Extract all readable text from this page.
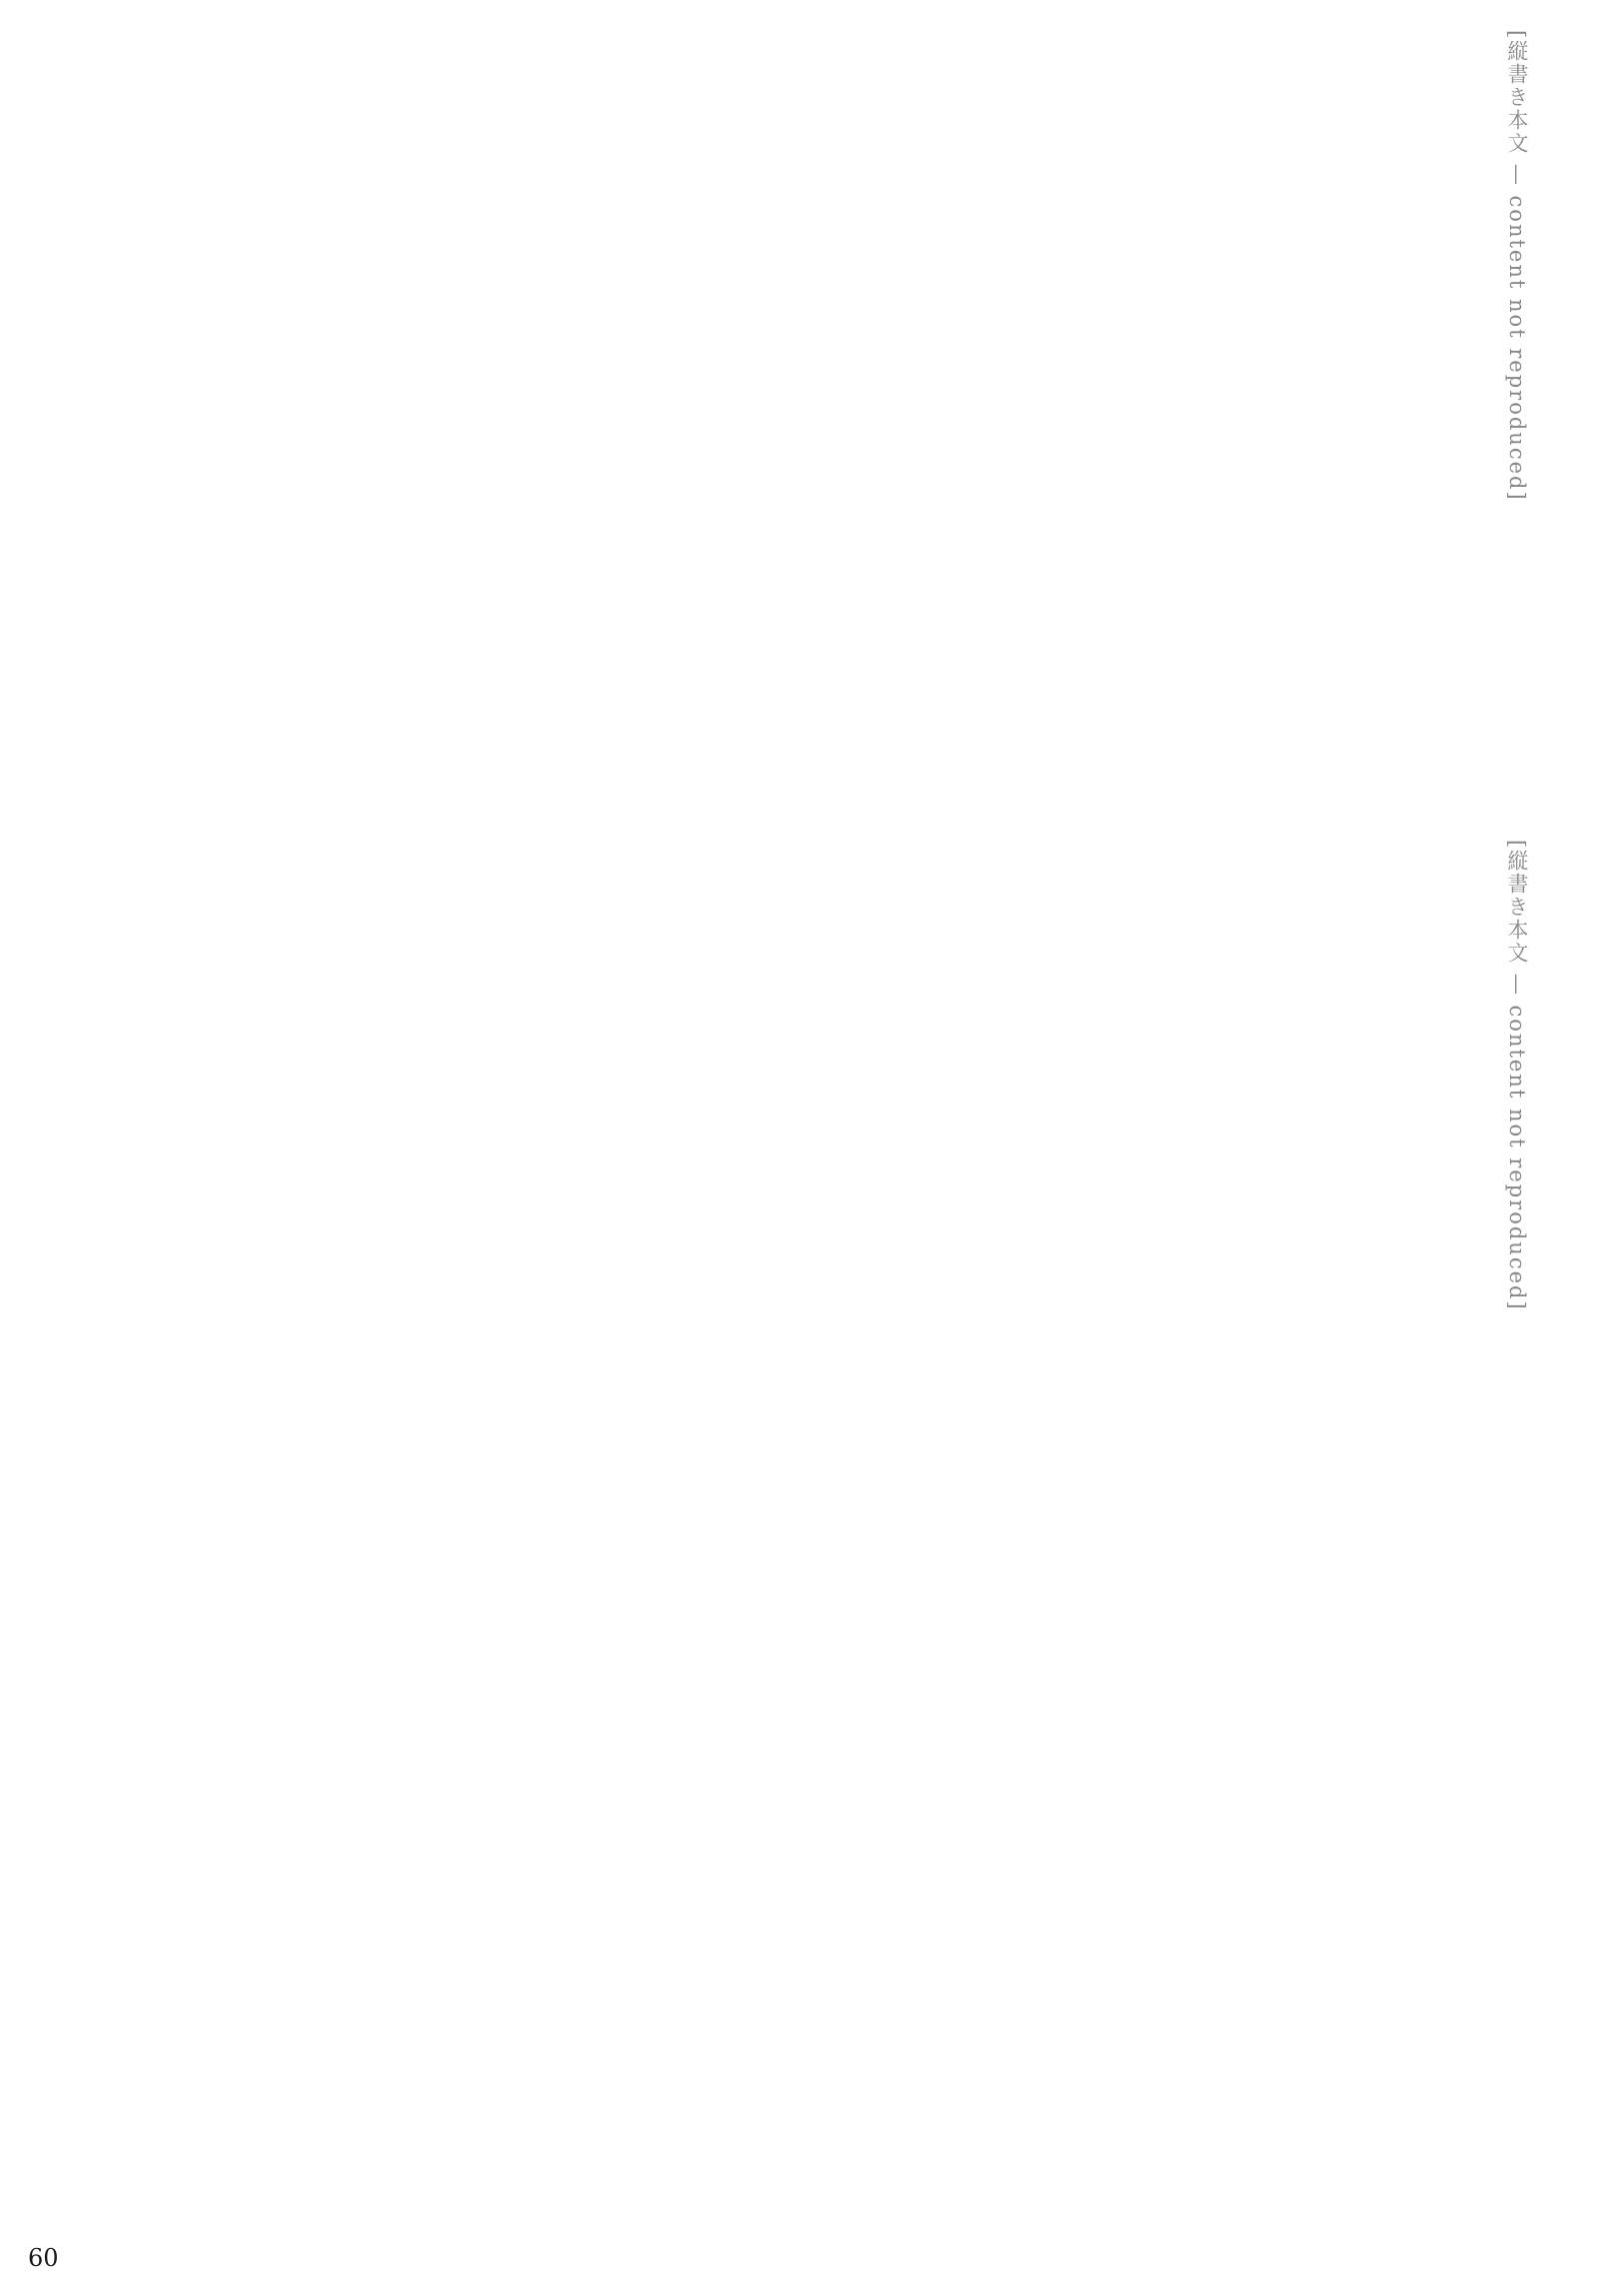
[縦書き本文 — content not reproduced]
[縦書き本文 — content not reproduced]
60
